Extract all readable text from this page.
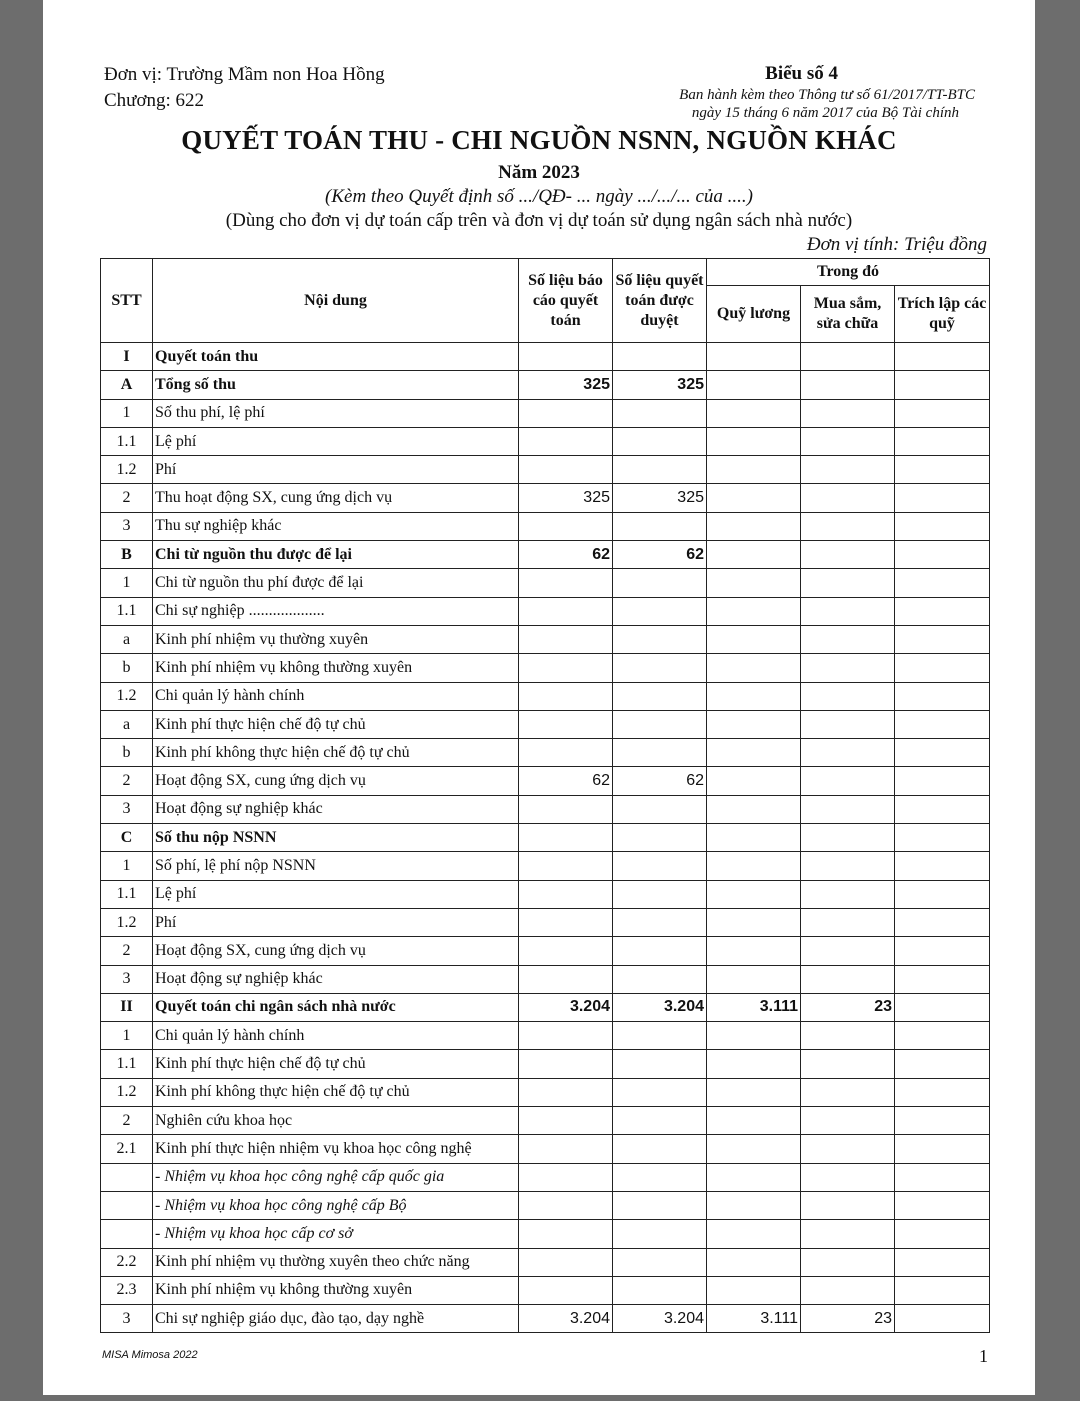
Đơn vị: Trường Mầm non Hoa Hồng
Chương: 622
Biểu số 4
Ban hành kèm theo Thông tư số 61/2017/TT-BTC
ngày 15 tháng 6 năm 2017 của Bộ Tài chính
QUYẾT TOÁN THU - CHI NGUỒN NSNN, NGUỒN KHÁC
Năm 2023
(Kèm theo Quyết định số .../QĐ- ... ngày .../.../... của ....)
(Dùng cho đơn vị dự toán cấp trên và đơn vị dự toán sử dụng ngân sách nhà nước)
Đơn vị tính: Triệu đồng
STT	Nội dung	Số liệu báo cáo quyết toán	Số liệu quyết toán được duyệt	Trong đó		
				Quỹ lương	Mua sắm, sửa chữa	Trích lập các quỹ
I	Quyết toán thu					
A	Tổng số thu	325	325			
1	Số thu phí, lệ phí					
1.1	Lệ phí					
1.2	Phí					
2	Thu hoạt động SX, cung ứng dịch vụ	325	325			
3	Thu sự nghiệp khác					
B	Chi từ nguồn thu được để lại	62	62			
1	Chi từ nguồn thu phí được để lại					
1.1	Chi sự nghiệp ...................					
a	Kinh phí nhiệm vụ thường xuyên					
b	Kinh phí nhiệm vụ không thường xuyên					
1.2	Chi quản lý hành chính					
a	Kinh phí thực hiện chế độ tự chủ					
b	Kinh phí không thực hiện chế độ tự chủ					
2	Hoạt động SX, cung ứng dịch vụ	62	62			
3	Hoạt động sự nghiệp khác					
C	Số thu nộp NSNN					
1	Số phí, lệ phí nộp NSNN					
1.1	Lệ phí					
1.2	Phí					
2	Hoạt động SX, cung ứng dịch vụ					
3	Hoạt động sự nghiệp khác					
II	Quyết toán chi ngân sách nhà nước	3.204	3.204	3.111	23	
1	Chi quản lý hành chính					
1.1	Kinh phí thực hiện chế độ tự chủ					
1.2	Kinh phí không thực hiện chế độ tự chủ					
2	Nghiên cứu khoa học					
2.1	Kinh phí thực hiện nhiệm vụ khoa học công nghệ					
	- Nhiệm vụ khoa học công nghệ cấp quốc gia					
	- Nhiệm vụ khoa học công nghệ cấp Bộ					
	- Nhiệm vụ khoa học cấp cơ sở					
2.2	Kinh phí nhiệm vụ thường xuyên theo chức năng					
2.3	Kinh phí nhiệm vụ không thường xuyên					
3	Chi sự nghiệp giáo dục, đào tạo, dạy nghề	3.204	3.204	3.111	23	
MISA Mimosa 2022	1
